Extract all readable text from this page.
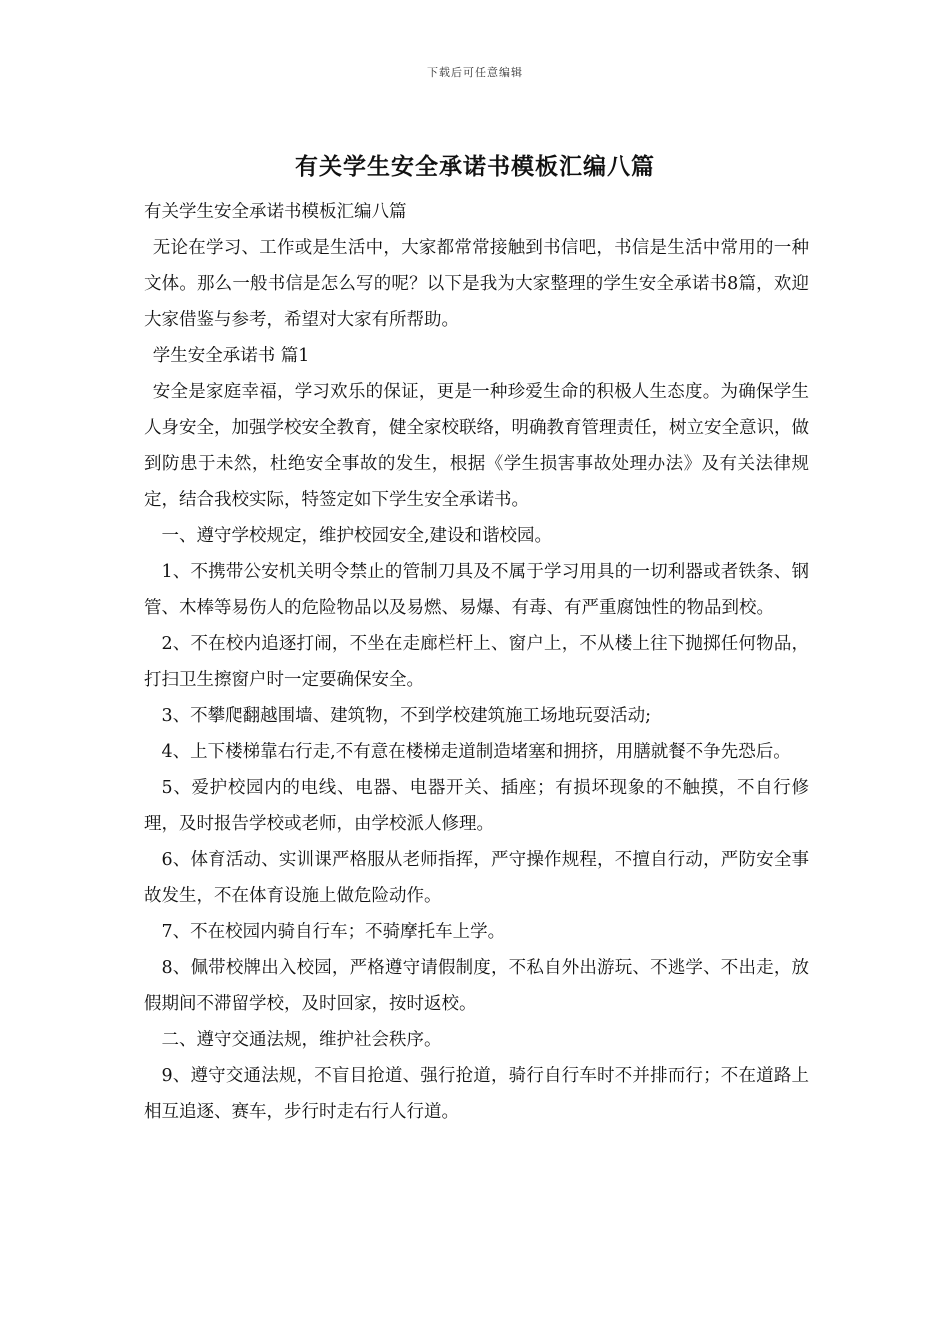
下载后可任意编辑
有关学生安全承诺书模板汇编八篇

有关学生安全承诺书模板汇编八篇

无论在学习、工作或是生活中，大家都常常接触到书信吧，书信是生活中常用的一种文体。那么一般书信是怎么写的呢？以下是我为大家整理的学生安全承诺书8篇，欢迎大家借鉴与参考，希望对大家有所帮助。

学生安全承诺书 篇1

安全是家庭幸福，学习欢乐的保证，更是一种珍爱生命的积极人生态度。为确保学生人身安全，加强学校安全教育，健全家校联络，明确教育管理责任，树立安全意识，做到防患于未然，杜绝安全事故的发生，根据《学生损害事故处理办法》及有关法律规定，结合我校实际，特签定如下学生安全承诺书。

一、遵守学校规定，维护校园安全,建设和谐校园。

1、不携带公安机关明令禁止的管制刀具及不属于学习用具的一切利器或者铁条、钢管、木棒等易伤人的危险物品以及易燃、易爆、有毒、有严重腐蚀性的物品到校。

2、不在校内追逐打闹，不坐在走廊栏杆上、窗户上，不从楼上往下抛掷任何物品，打扫卫生擦窗户时一定要确保安全。

3、不攀爬翻越围墙、建筑物，不到学校建筑施工场地玩耍活动;

4、上下楼梯靠右行走,不有意在楼梯走道制造堵塞和拥挤，用膳就餐不争先恐后。

5、爱护校园内的电线、电器、电器开关、插座；有损坏现象的不触摸，不自行修理，及时报告学校或老师，由学校派人修理。

6、体育活动、实训课严格服从老师指挥，严守操作规程，不擅自行动，严防安全事故发生，不在体育设施上做危险动作。

7、不在校园内骑自行车；不骑摩托车上学。

8、佩带校牌出入校园，严格遵守请假制度，不私自外出游玩、不逃学、不出走，放假期间不滞留学校，及时回家，按时返校。

二、遵守交通法规，维护社会秩序。

9、遵守交通法规，不盲目抢道、强行抢道，骑行自行车时不并排而行；不在道路上相互追逐、赛车，步行时走右行人行道。
